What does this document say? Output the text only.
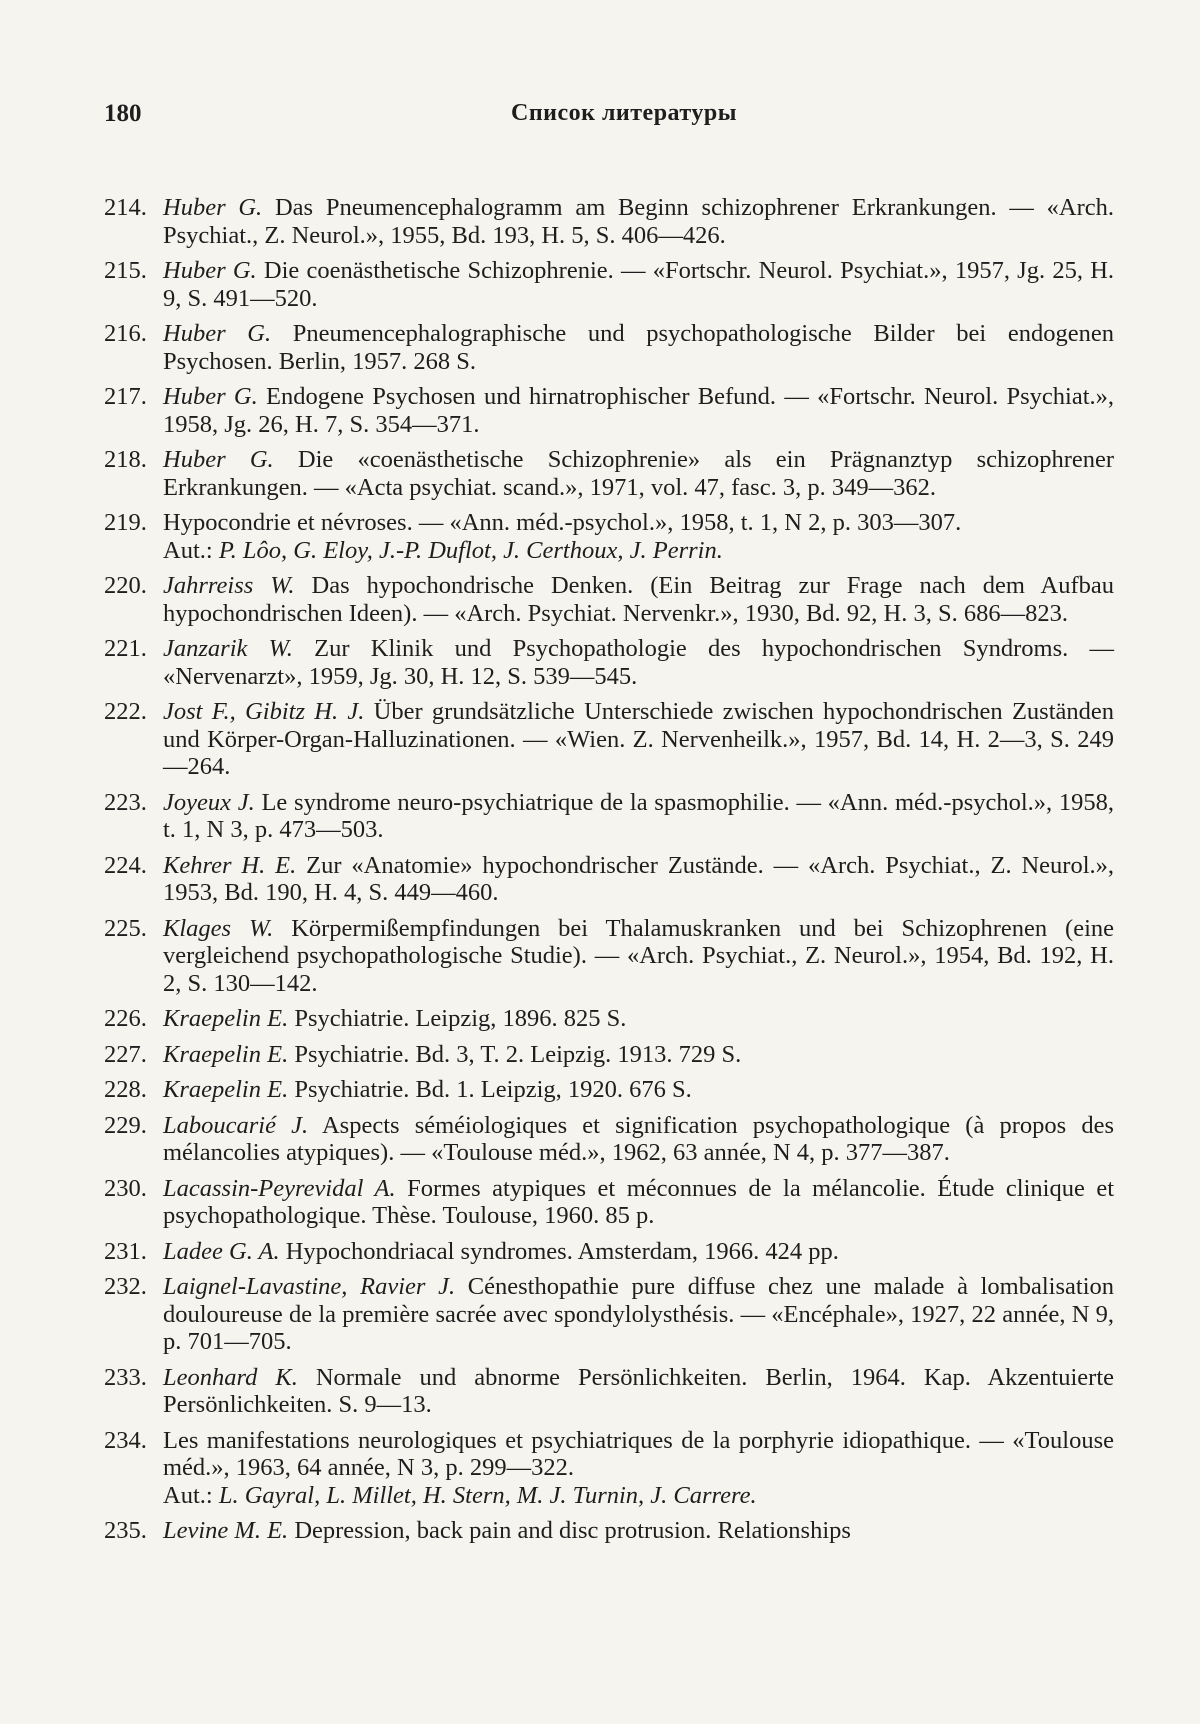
180	Список литературы
214. Huber G. Das Pneumencephalogramm am Beginn schizophrener Erkrankungen. — «Arch. Psychiat., Z. Neurol.», 1955, Bd. 193, H. 5, S. 406—426.
215. Huber G. Die coenästhetische Schizophrenie. — «Fortschr. Neurol. Psychiat.», 1957, Jg. 25, H. 9, S. 491—520.
216. Huber G. Pneumencephalographische und psychopathologische Bilder bei endogenen Psychosen. Berlin, 1957. 268 S.
217. Huber G. Endogene Psychosen und hirnatrophischer Befund. — «Fortschr. Neurol. Psychiat.», 1958, Jg. 26, H. 7, S. 354—371.
218. Huber G. Die «coenästhetische Schizophrenie» als ein Prägnanztyp schizophrener Erkrankungen. — «Acta psychiat. scand.», 1971, vol. 47, fasc. 3, p. 349—362.
219. Hypocondrie et névroses. — «Ann. méd.-psychol.», 1958, t. 1, N 2, p. 303—307.
Aut.: P. Lôo, G. Eloy, J.-P. Duflot, J. Certhoux, J. Perrin.
220. Jahrreiss W. Das hypochondrische Denken. (Ein Beitrag zur Frage nach dem Aufbau hypochondrischen Ideen). — «Arch. Psychiat. Nervenkr.», 1930, Bd. 92, H. 3, S. 686—823.
221. Janzarik W. Zur Klinik und Psychopathologie des hypochondrischen Syndroms. — «Nervenarzt», 1959, Jg. 30, H. 12, S. 539—545.
222. Jost F., Gibitz H. J. Über grundsätzliche Unterschiede zwischen hypochondrischen Zuständen und Körper-Organ-Halluzinationen. — «Wien. Z. Nervenheilk.», 1957, Bd. 14, H. 2—3, S. 249—264.
223. Joyeux J. Le syndrome neuro-psychiatrique de la spasmophilie. — «Ann. méd.-psychol.», 1958, t. 1, N 3, p. 473—503.
224. Kehrer H. E. Zur «Anatomie» hypochondrischer Zustände. — «Arch. Psychiat., Z. Neurol.», 1953, Bd. 190, H. 4, S. 449—460.
225. Klages W. Körpermißempfindungen bei Thalamuskranken und bei Schizophrenen (eine vergleichend psychopathologische Studie). — «Arch. Psychiat., Z. Neurol.», 1954, Bd. 192, H. 2, S. 130—142.
226. Kraepelin E. Psychiatrie. Leipzig, 1896. 825 S.
227. Kraepelin E. Psychiatrie. Bd. 3, T. 2. Leipzig. 1913. 729 S.
228. Kraepelin E. Psychiatrie. Bd. 1. Leipzig, 1920. 676 S.
229. Laboucarié J. Aspects séméiologiques et signification psychopathologique (à propos des mélancolies atypiques). — «Toulouse méd.», 1962, 63 année, N 4, p. 377—387.
230. Lacassin-Peyrevidal A. Formes atypiques et méconnues de la mélancolie. Étude clinique et psychopathologique. Thèse. Toulouse, 1960. 85 p.
231. Ladee G. A. Hypochondriacal syndromes. Amsterdam, 1966. 424 pp.
232. Laignel-Lavastine, Ravier J. Cénesthopathie pure diffuse chez une malade à lombalisation douloureuse de la première sacrée avec spondylolysthésis. — «Encéphale», 1927, 22 année, N 9, p. 701—705.
233. Leonhard K. Normale und abnorme Persönlichkeiten. Berlin, 1964. Kap. Akzentuierte Persönlichkeiten. S. 9—13.
234. Les manifestations neurologiques et psychiatriques de la porphyrie idiopathique. — «Toulouse méd.», 1963, 64 année, N 3, p. 299—322.
Aut.: L. Gayral, L. Millet, H. Stern, M. J. Turnin, J. Carrere.
235. Levine M. E. Depression, back pain and disc protrusion. Relationships
